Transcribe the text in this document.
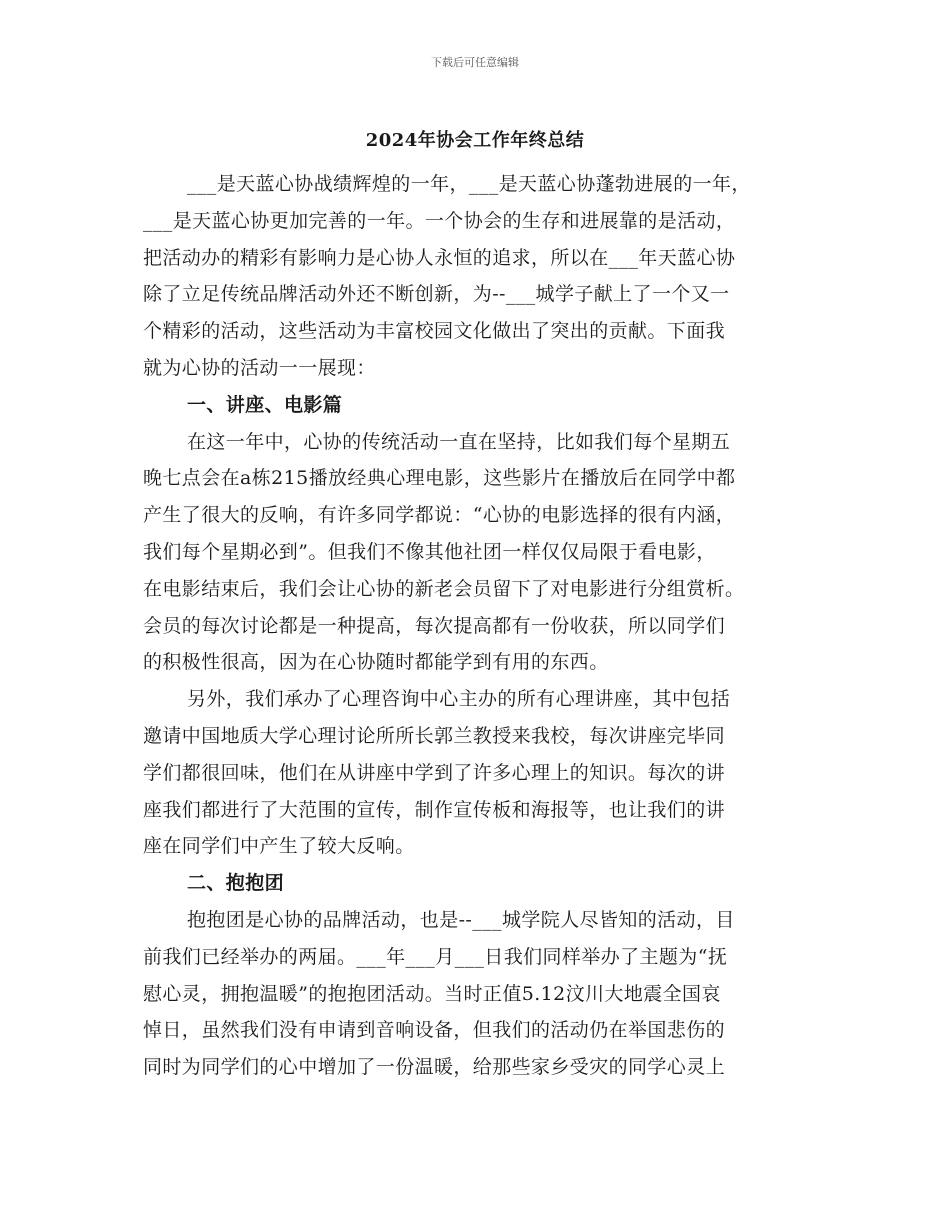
下载后可任意编辑
2024年协会工作年终总结
___是天蓝心协战绩辉煌的一年，___是天蓝心协蓬勃进展的一年，
___是天蓝心协更加完善的一年。一个协会的生存和进展靠的是活动，
把活动办的精彩有影响力是心协人永恒的追求，所以在___年天蓝心协
除了立足传统品牌活动外还不断创新，为--___城学子献上了一个又一
个精彩的活动，这些活动为丰富校园文化做出了突出的贡献。下面我
就为心协的活动一一展现：
一、讲座、电影篇
在这一年中，心协的传统活动一直在坚持，比如我们每个星期五
晚七点会在a栋215播放经典心理电影，这些影片在播放后在同学中都
产生了很大的反响，有许多同学都说：“心协的电影选择的很有内涵，
我们每个星期必到”。但我们不像其他社团一样仅仅局限于看电影，
在电影结束后，我们会让心协的新老会员留下了对电影进行分组赏析。
会员的每次讨论都是一种提高，每次提高都有一份收获，所以同学们
的积极性很高，因为在心协随时都能学到有用的东西。
另外，我们承办了心理咨询中心主办的所有心理讲座，其中包括
邀请中国地质大学心理讨论所所长郭兰教授来我校，每次讲座完毕同
学们都很回味，他们在从讲座中学到了许多心理上的知识。每次的讲
座我们都进行了大范围的宣传，制作宣传板和海报等，也让我们的讲
座在同学们中产生了较大反响。
二、抱抱团
抱抱团是心协的品牌活动，也是--___城学院人尽皆知的活动，目
前我们已经举办的两届。___年___月___日我们同样举办了主题为“抚
慰心灵，拥抱温暖”的抱抱团活动。当时正值5.12汶川大地震全国哀
悼日，虽然我们没有申请到音响设备，但我们的活动仍在举国悲伤的
同时为同学们的心中增加了一份温暖，给那些家乡受灾的同学心灵上
